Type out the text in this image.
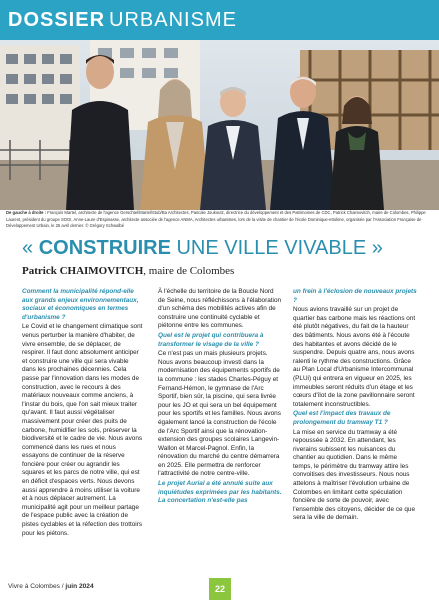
DOSSIER URBANISME
De gauche à droite : François Martel, architecte de l'agence Gerschtel/Martel/Stub/Ba Architectes, Pascale Joukoutz, directrice du développement et des Patrimoines de CDC, Patrick Chaimovitch, maire de Colombes, Philippe Laurent, président du groupe SOGI, Anne-Laure d'Espinasse, architecte associée de l'agence ANMA, Architectes urbanistes, lors de la visite de chantier de l'école Dominique-ettolime, organisée par l'Association Française de Développement Urbain, le 25 avril dernier. © Grégory Schwalbé
« CONSTRUIRE UNE VILLE VIVABLE »
Patrick CHAIMOVITCH, maire de Colombes

Comment la municipalité répond-elle aux grands enjeux environnementaux, sociaux et économiques en termes d'urbanisme ?

Le Covid et le changement climatique sont venus perturber la manière d'habiter, de vivre ensemble, de se déplacer, de respirer. Il faut donc absolument anticiper et construire une ville qui sera vivable dans les prochaines décennies. Cela passe par l'innovation dans les modes de construction, avec le recours à des matériaux nouveaux comme anciens, à l'instar du bois, que l'on sait mieux traiter qu'avant. Il faut aussi végétaliser massivement pour créer des puits de carbone, humidifier les sols, préserver la biodiversité et le cadre de vie. Nous avons commencé dans les rues et nous essayons de continuer de la réserve foncière pour créer ou agrandir les squares et les parcs de notre ville, qui est en déficit d'espaces verts. Nous devons aussi apprendre à moins utiliser la voiture et à nous déplacer autrement. La municipalité agit pour un meilleur partage de l'espace public avec la création de pistes cyclables et la réfection des trottoirs pour les piétons.

À l'échelle du territoire de la Boucle Nord de Seine, nous réfléchissons à l'élaboration d'un schéma des mobilités actives afin de construire une continuité cyclable et piétonne entre les communes.

Quel est le projet qui contribuera à transformer le visage de la ville ?

Ce n'est pas un mais plusieurs projets. Nous avons beaucoup investi dans la modernisation des équipements sportifs de la commune : les stades Charles-Péguy et Fernand-Hémon, le gymnase de l'Arc Sportif, bien sûr, la piscine, qui sera livrée pour les JO et qui sera un bel équipement pour les sportifs et les familles. Nous avons également lancé la construction de l'école de l'Arc Sportif ainsi que la rénovation-extension des groupes scolaires Langevin-Wallon et Marcel-Pagnol. Enfin, la rénovation du marché du centre démarrera en 2025. Elle permettra de renforcer l'attractivité de notre centre-ville.

Le projet Aurial a été annulé suite aux inquiétudes exprimées par les habitants. La concertation n'est-elle pas

un frein à l'éclosion de nouveaux projets ?

Nous avions travaillé sur un projet de quartier bas carbone mais les réactions ont été plutôt négatives, du fait de la hauteur des bâtiments. Nous avons été à l'écoute des habitantes et avons décidé de le suspendre. Depuis quatre ans, nous avons ralenti le rythme des constructions. Grâce au Plan Local d'Urbanisme Intercommunal (PLUi) qui entrera en vigueur en 2025, les immeubles seront réduits d'un étage et les cœurs d'îlot de la zone pavillonnaire seront totalement inconstructibles.

Quel est l'impact des travaux de prolongement du tramway T1 ?

La mise en service du tramway a été repoussée à 2032. En attendant, les riverains subissent les nuisances du chantier au quotidien. Dans le même temps, le périmètre du tramway attire les convoitises des investisseurs. Nous nous attelons à maîtriser l'évolution urbaine de Colombes en limitant cette spéculation foncière de sorte de pouvoir, avec l'ensemble des citoyens, décider de ce que sera la ville de demain.

Vivre à Colombes / juin 2024	22
